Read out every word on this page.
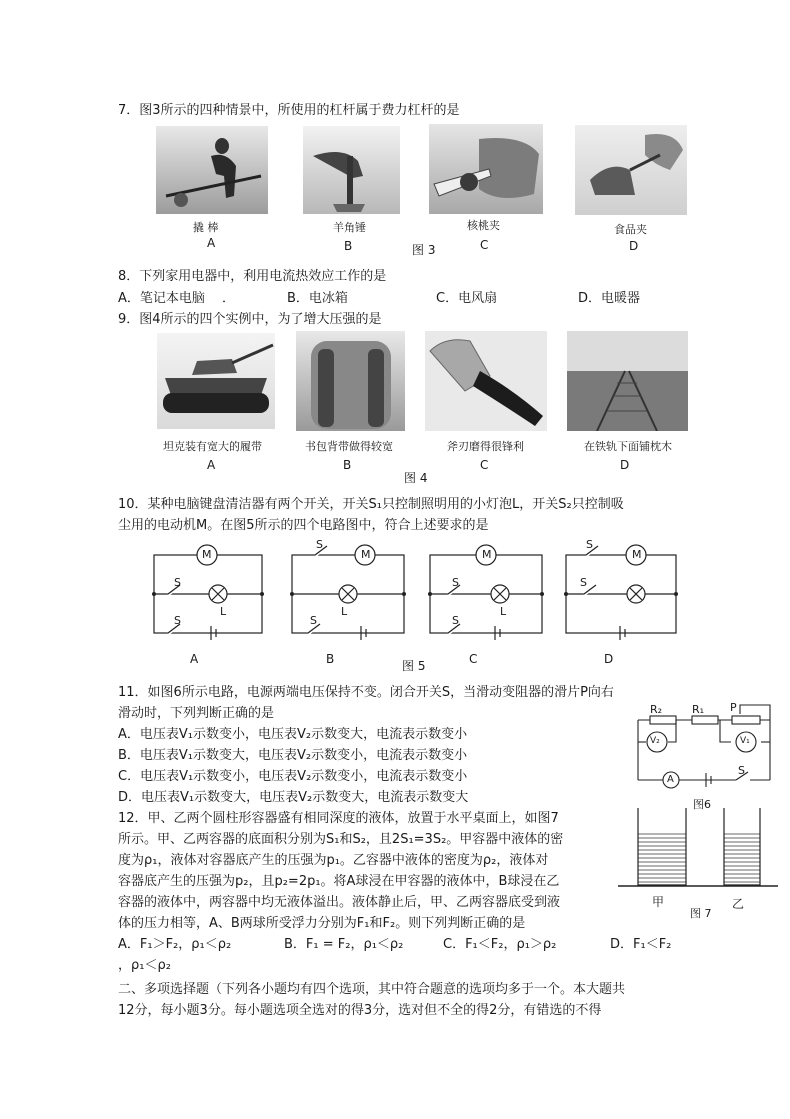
7．图3所示的四种情景中，所使用的杠杆属于费力杠杆的是
撬 棒	羊角锤	核桃夹	食品夹
A	B	图 3	C	D
8．下列家用电器中，利用电流热效应工作的是
A．笔记本电脑 ．	B．电冰箱	C．电风扇	D．电暖器
9．图4所示的四个实例中，为了增大压强的是
坦克装有宽大的履带	书包背带做得较宽	斧刃磨得很锋利	在铁轨下面铺枕木
A	B
图 4
C	D
10．某种电脑键盘清洁器有两个开关，开关S₁只控制照明用的小灯泡L，开关S₂只控制吸
尘用的电动机M。在图5所示的四个电路图中，符合上述要求的是
M	M	M	M
S
S
L
S
S
L
S
S
L
S
S
A	B	图 5	C	D
11．如图6所示电路，电源两端电压保持不变。闭合开关S，当滑动变阻器的滑片P向右
滑动时，下列判断正确的是
A．电压表V₁示数变小，电压表V₂示数变大，电流表示数变小
B．电压表V₁示数变大，电压表V₂示数变小，电流表示数变小
C．电压表V₁示数变小，电压表V₂示数变小，电流表示数变小
D．电压表V₁示数变大，电压表V₂示数变大，电流表示数变大
R₂	R₁ P
V₂	V₁
A
S
图6
12．甲、乙两个圆柱形容器盛有相同深度的液体，放置于水平桌面上，如图7
所示。甲、乙两容器的底面积分别为S₁和S₂，且2S₁=3S₂。甲容器中液体的密
度为ρ₁，液体对容器底产生的压强为p₁。乙容器中液体的密度为ρ₂，液体对
容器底产生的压强为p₂，且p₂=2p₁。将A球浸在甲容器的液体中，B球浸在乙
容器的液体中，两容器中均无液体溢出。液体静止后，甲、乙两容器底受到液
体的压力相等，A、B两球所受浮力分别为F₁和F₂。则下列判断正确的是
A．F₁＞F₂，ρ₁＜ρ₂	B．F₁ = F₂，ρ₁＜ρ₂	C．F₁＜F₂，ρ₁＞ρ₂	D．F₁＜F₂
，ρ₁＜ρ₂
甲
图 7
乙
二、多项选择题（下列各小题均有四个选项，其中符合题意的选项均多于一个。本大题共
12分，每小题3分。每小题选项全选对的得3分，选对但不全的得2分，有错选的不得
